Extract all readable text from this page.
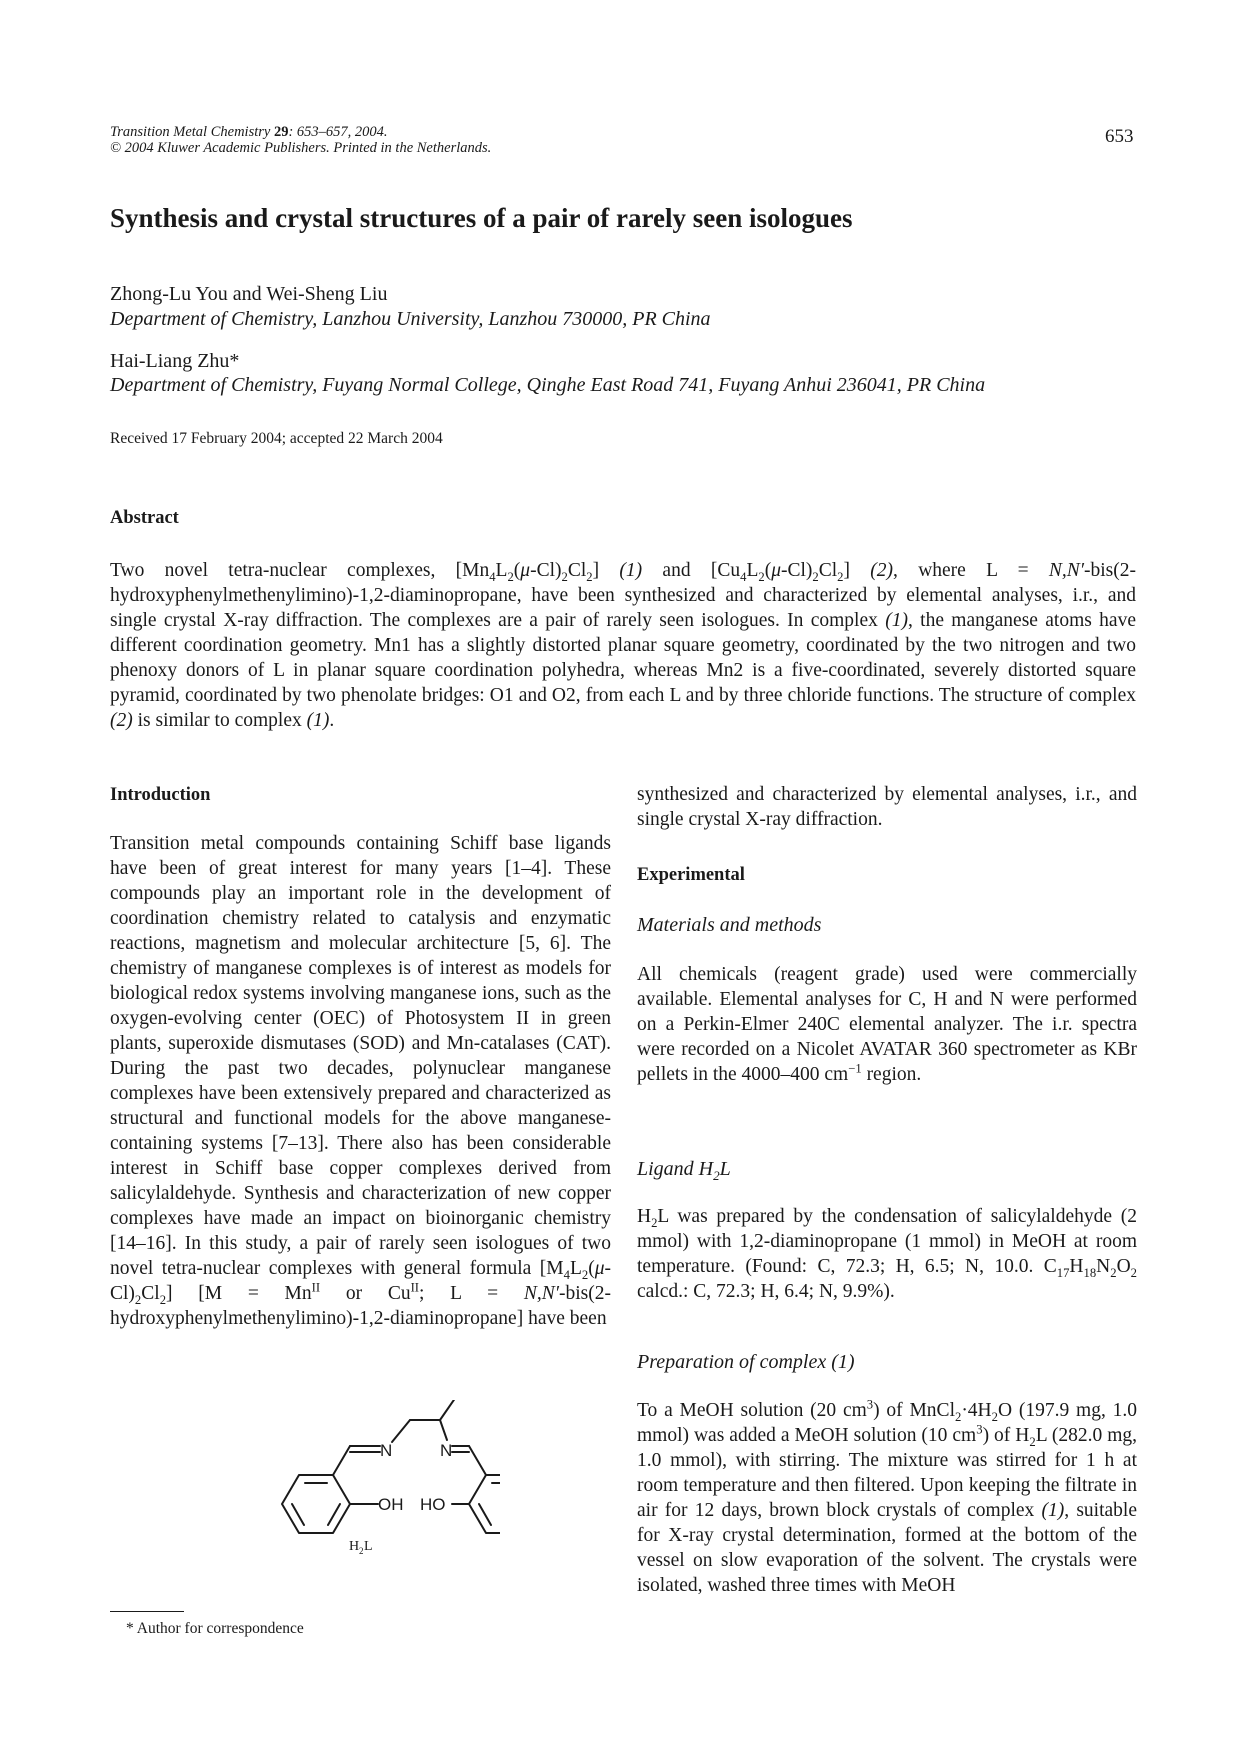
Transition Metal Chemistry 29: 653–657, 2004.
© 2004 Kluwer Academic Publishers. Printed in the Netherlands.
653
Synthesis and crystal structures of a pair of rarely seen isologues
Zhong-Lu You and Wei-Sheng Liu
Department of Chemistry, Lanzhou University, Lanzhou 730000, PR China
Hai-Liang Zhu*
Department of Chemistry, Fuyang Normal College, Qinghe East Road 741, Fuyang Anhui 236041, PR China
Received 17 February 2004; accepted 22 March 2004
Abstract
Two novel tetra-nuclear complexes, $[Mn_4L_2(\mu-Cl)_2Cl_2]$ (1) and $[Cu_4L_2(\mu-Cl)_2Cl_2]$ (2), where L = N,N′-bis(2-hydroxyphenylmethenylimino)-1,2-diaminopropane, have been synthesized and characterized by elemental analyses, i.r., and single crystal X-ray diffraction. The complexes are a pair of rarely seen isologues. In complex (1), the manganese atoms have different coordination geometry. Mn1 has a slightly distorted planar square geometry, coordinated by the two nitrogen and two phenoxy donors of L in planar square coordination polyhedra, whereas Mn2 is a five-coordinated, severely distorted square pyramid, coordinated by two phenolate bridges: O1 and O2, from each L and by three chloride functions. The structure of complex (2) is similar to complex (1).
Introduction
Transition metal compounds containing Schiff base ligands have been of great interest for many years [1–4]. These compounds play an important role in the development of coordination chemistry related to catalysis and enzymatic reactions, magnetism and molecular architecture [5, 6]. The chemistry of manganese complexes is of interest as models for biological redox systems involving manganese ions, such as the oxygen-evolving center (OEC) of Photosystem II in green plants, superoxide dismutases (SOD) and Mn-catalases (CAT). During the past two decades, polynuclear manganese complexes have been extensively prepared and characterized as structural and functional models for the above manganese-containing systems [7–13]. There also has been considerable interest in Schiff base copper complexes derived from salicylaldehyde. Synthesis and characterization of new copper complexes have made an impact on bioinorganic chemistry [14–16]. In this study, a pair of rarely seen isologues of two novel tetra-nuclear complexes with general formula $[M_4L_2(\mu-Cl)_2Cl_2] [M = Mn^{II}$ or $Cu^{II}$; L = N,N′-bis(2-hydroxyphenylmethenylimino)-1,2-diaminopropane] have been
N	N
OH HO
H 2 L
* Author for correspondence
synthesized and characterized by elemental analyses, i.r., and single crystal X-ray diffraction.
Experimental
Materials and methods
All chemicals (reagent grade) used were commercially available. Elemental analyses for C, H and N were performed on a Perkin-Elmer 240C elemental analyzer. The i.r. spectra were recorded on a Nicolet AVATAR 360 spectrometer as KBr pellets in the 4000–400 $cm^{-1}$ region.
Ligand $H_2L$
$H_2L$ was prepared by the condensation of salicylaldehyde (2 mmol) with 1,2-diaminopropane (1 mmol) in MeOH at room temperature. (Found: C, 72.3; H, 6.5; N, 10.0. $C_{17}H_{18}N_2O_2$ calcd.: C, 72.3; H, 6.4; N, 9.9%).
Preparation of complex (1)
To a MeOH solution (20 $cm^3$) of $MnCl_2\cdot 4H_2O$ (197.9 mg, 1.0 mmol) was added a MeOH solution (10 $cm^3$) of $H_2L$ (282.0 mg, 1.0 mmol), with stirring. The mixture was stirred for 1 h at room temperature and then filtered. Upon keeping the filtrate in air for 12 days, brown block crystals of complex (1), suitable for X-ray crystal determination, formed at the bottom of the vessel on slow evaporation of the solvent. The crystals were isolated, washed three times with MeOH
